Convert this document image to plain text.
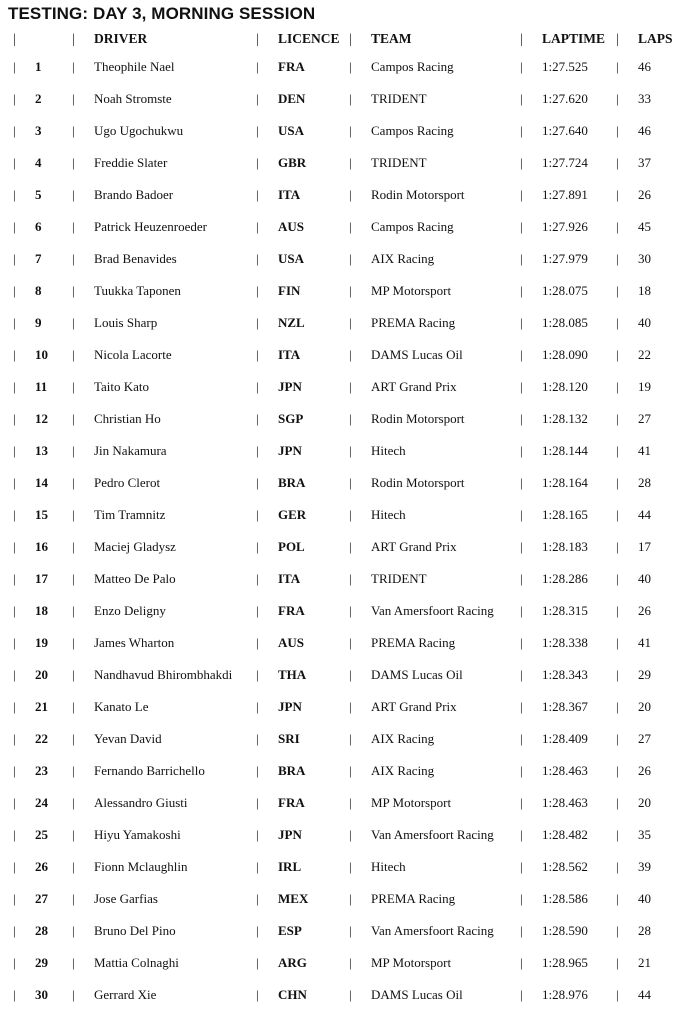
TESTING: DAY 3, MORNING SESSION
|	| DRIVER	| LICENCE | TEAM	| LAPTIME | LAPS
|	|
1	Theophile Nael	| FRA	| Campos Racing	| 1:27.525 | 46
|	|
2	Noah Stromste	| DEN	| TRIDENT	| 1:27.620 | 33
|	|
3	Ugo Ugochukwu	| USA	| Campos Racing	| 1:27.640 | 46
|	|
4	Freddie Slater	| GBR	| TRIDENT	| 1:27.724 | 37
|	|
5	Brando Badoer	| ITA	| Rodin Motorsport	| 1:27.891 | 26
|	|
6	Patrick Heuzenroeder	| AUS	| Campos Racing	| 1:27.926 | 45
|	|
7	Brad Benavides	| USA	| AIX Racing	| 1:27.979 | 30
|	|
8	Tuukka Taponen	| FIN	| MP Motorsport	| 1:28.075 | 18
|	|
9	Louis Sharp	| NZL	| PREMA Racing	| 1:28.085 | 40
|	|
10	Nicola Lacorte	| ITA	| DAMS Lucas Oil	| 1:28.090 | 22
|	|
11	Taito Kato	| JPN	| ART Grand Prix	| 1:28.120 | 19
|	|
12	Christian Ho	| SGP	| Rodin Motorsport	| 1:28.132 | 27
|	|
13	Jin Nakamura	| JPN	| Hitech	| 1:28.144 | 41
|	|
14	Pedro Clerot	| BRA	| Rodin Motorsport	| 1:28.164 | 28
|	|
15	Tim Tramnitz	| GER	| Hitech	| 1:28.165 | 44
|	|
16	Maciej Gladysz	| POL	| ART Grand Prix	| 1:28.183 | 17
|	|
17	Matteo De Palo	| ITA	| TRIDENT	| 1:28.286 | 40
|	|
18	Enzo Deligny	| FRA	| Van Amersfoort Racing | 1:28.315 | 26
|	|
19	James Wharton	| AUS	| PREMA Racing	| 1:28.338 | 41
|	|
20	Nandhavud Bhirombhakdi | THA	| DAMS Lucas Oil	| 1:28.343 | 29
|	|
21	Kanato Le	| JPN	| ART Grand Prix	| 1:28.367 | 20
|	|
22	Yevan David	| SRI	| AIX Racing	| 1:28.409 | 27
|	|
23	Fernando Barrichello	| BRA	| AIX Racing	| 1:28.463 | 26
|	|
24	Alessandro Giusti	| FRA	| MP Motorsport	| 1:28.463 | 20
|	|
25	Hiyu Yamakoshi	| JPN	| Van Amersfoort Racing | 1:28.482 | 35
|	|
26	Fionn Mclaughlin	| IRL	| Hitech	| 1:28.562 | 39
|	|
27	Jose Garfias	| MEX	| PREMA Racing	| 1:28.586 | 40
|	|
28	Bruno Del Pino	| ESP	| Van Amersfoort Racing | 1:28.590 | 28
|	|
29	Mattia Colnaghi	| ARG	| MP Motorsport	| 1:28.965 | 21
|	|
30	Gerrard Xie	| CHN	| DAMS Lucas Oil	| 1:28.976 | 44
